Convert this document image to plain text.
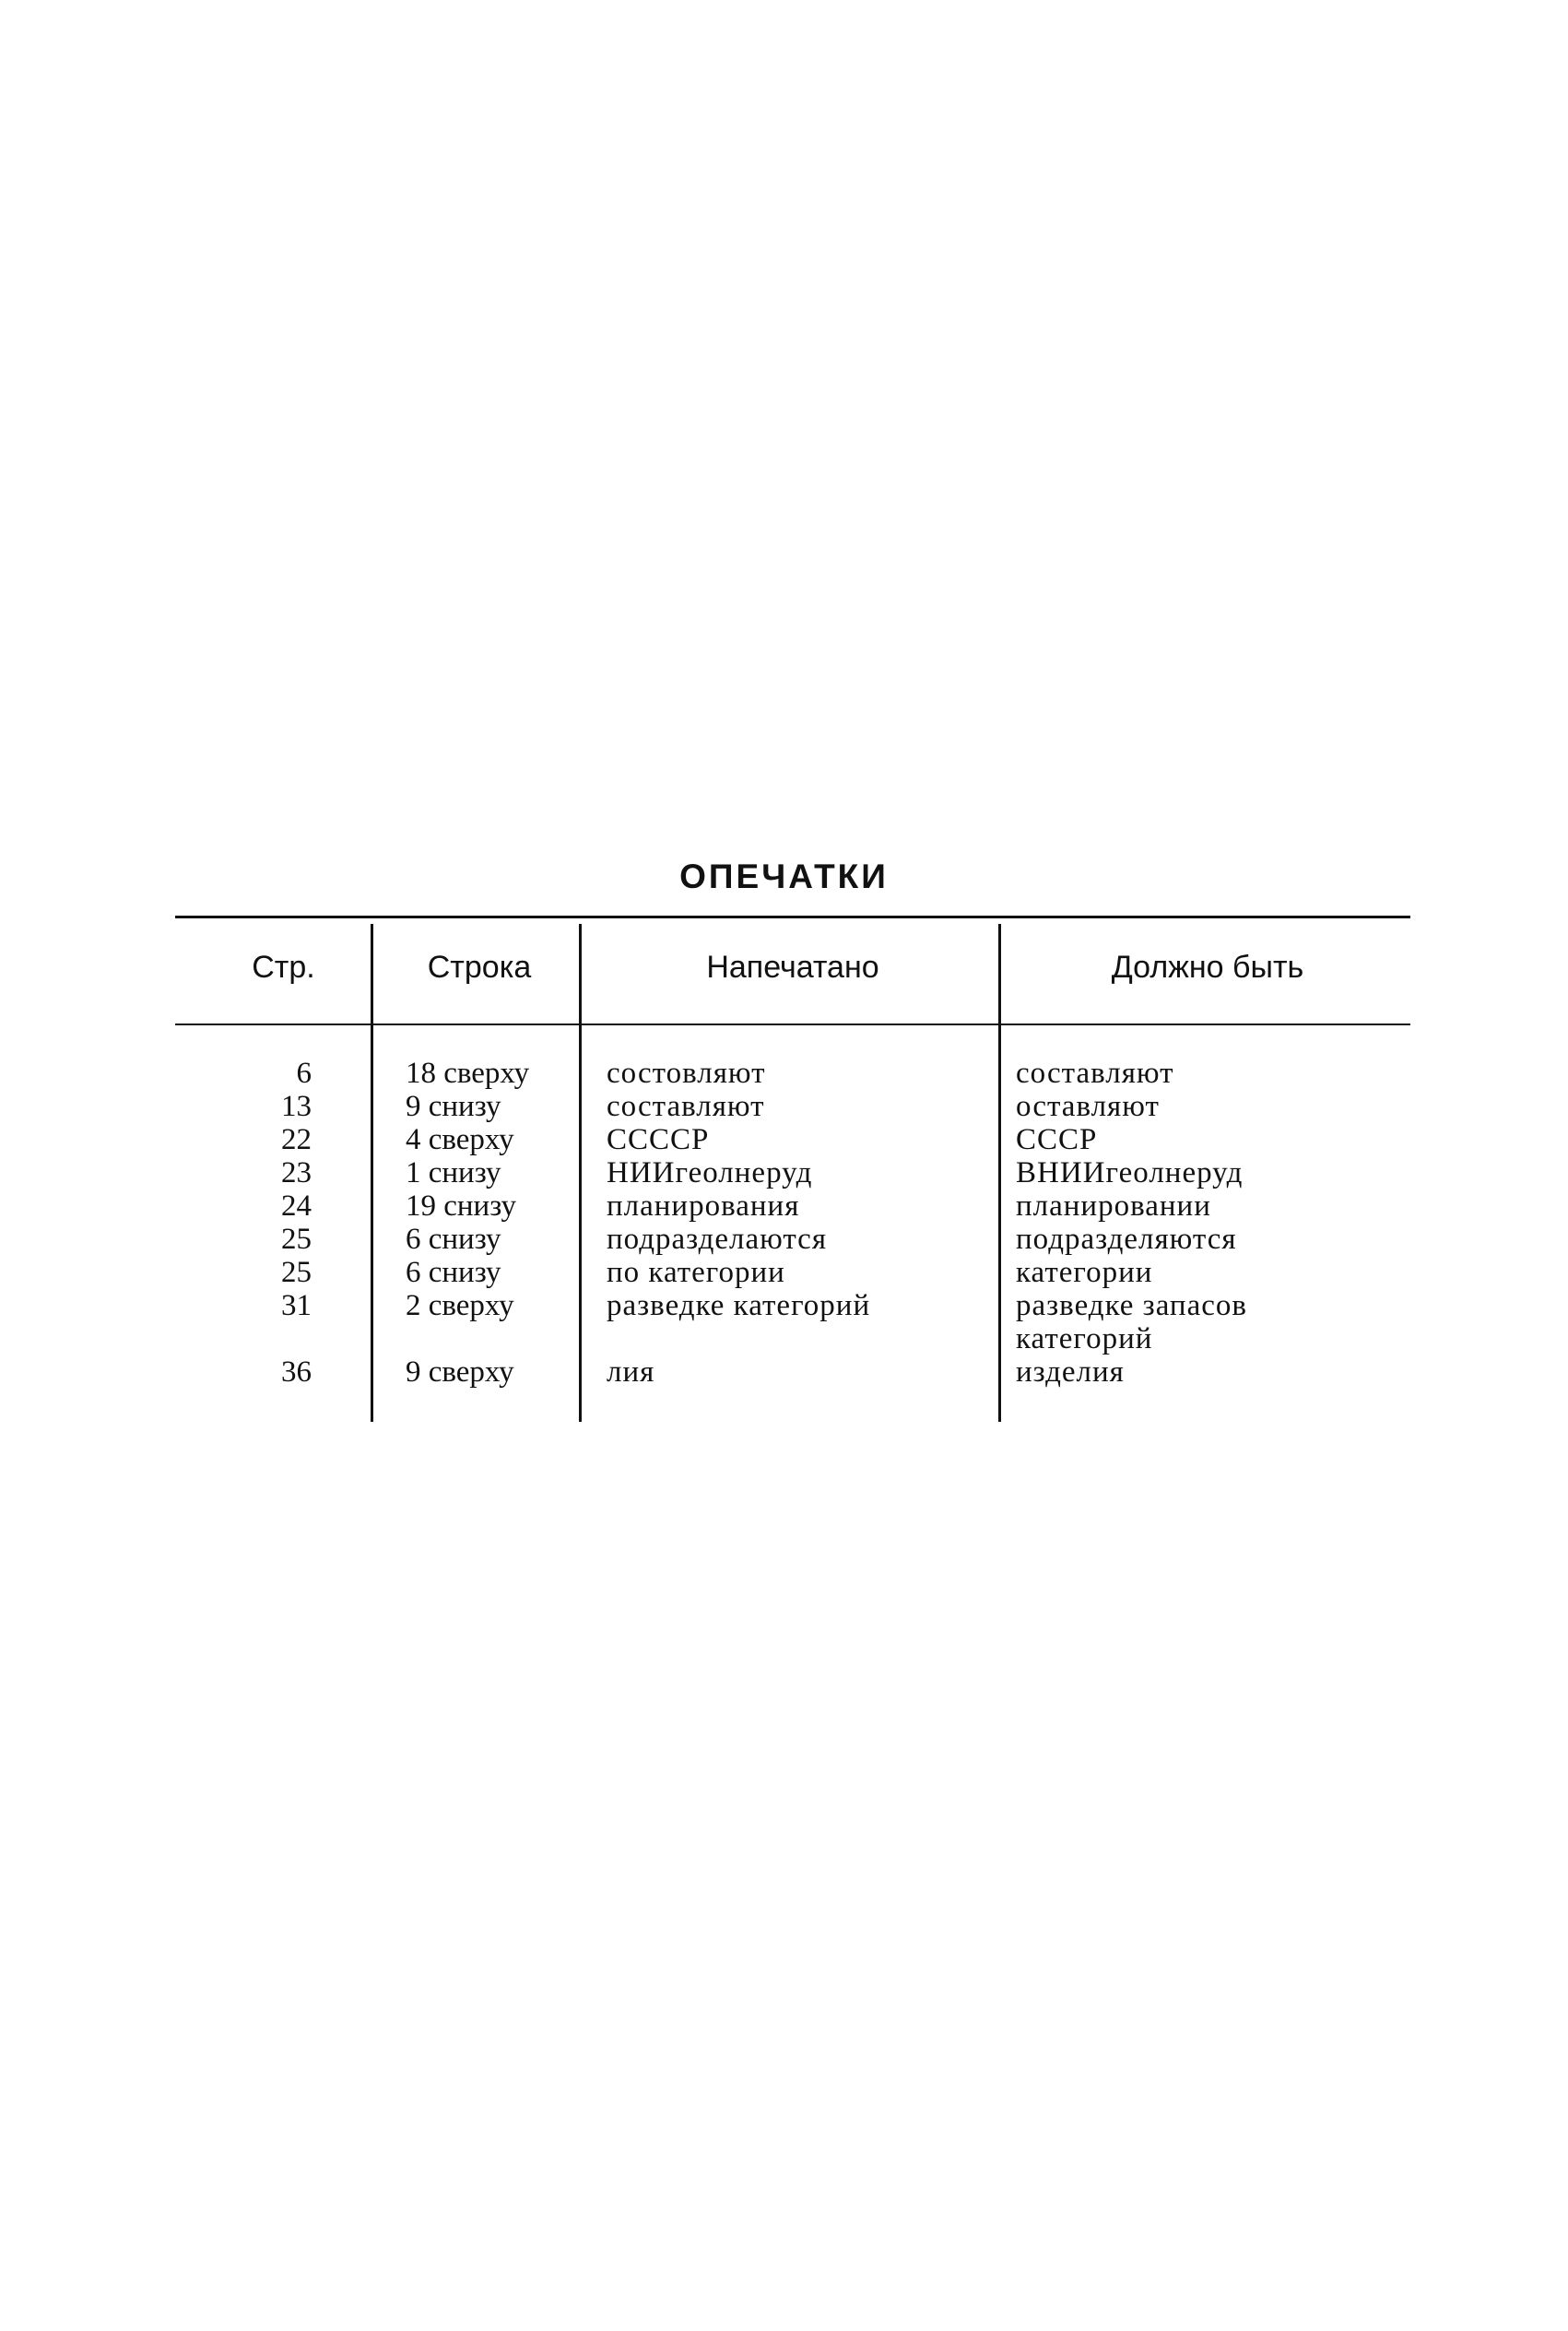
ОПЕЧАТКИ
Стр.	Строка	Напечатано	Должно быть
6	18 сверху	состовляют	составляют
13	9 снизу	составляют	оставляют
22	4 сверху	СССCР	СССР
23	1 снизу	НИИгеолнеруд	ВНИИгеолнеруд
24	19 снизу	планирования	планировании
25	6 снизу	подразделаются	подразделяются
25	6 снизу	по категории	категории
31	2 сверху	разведке категорий	разведке запасов категорий
36	9 сверху	лия	изделия
